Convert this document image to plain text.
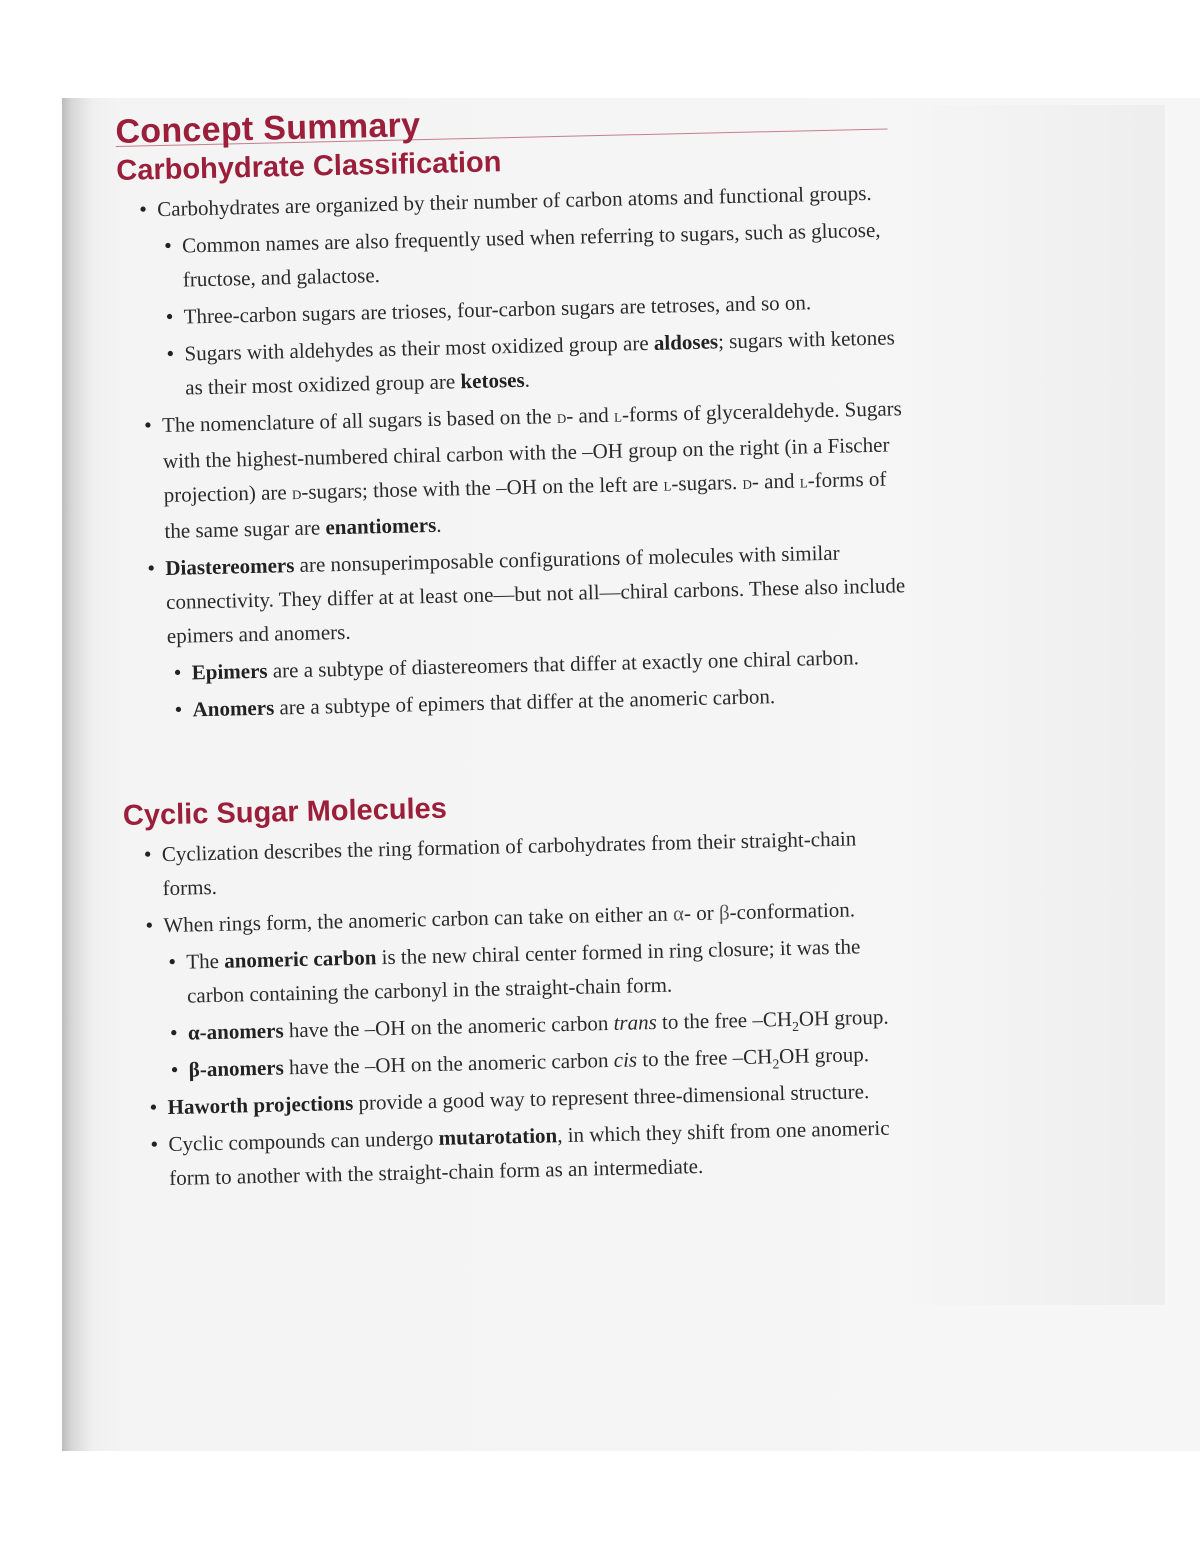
Concept Summary
Carbohydrate Classification
• Carbohydrates are organized by their number of carbon atoms and functional groups.
• Common names are also frequently used when referring to sugars, such as glucose, fructose, and galactose.
• Three-carbon sugars are trioses, four-carbon sugars are tetroses, and so on.
• Sugars with aldehydes as their most oxidized group are aldoses; sugars with ketones as their most oxidized group are ketoses.
• The nomenclature of all sugars is based on the d- and l-forms of glyceraldehyde. Sugars with the highest-numbered chiral carbon with the –OH group on the right (in a Fischer projection) are d-sugars; those with the –OH on the left are l-sugars. d- and l-forms of the same sugar are enantiomers.
• Diastereomers are nonsuperimposable configurations of molecules with similar connectivity. They differ at at least one—but not all—chiral carbons. These also include epimers and anomers.
• Epimers are a subtype of diastereomers that differ at exactly one chiral carbon.
• Anomers are a subtype of epimers that differ at the anomeric carbon.
Cyclic Sugar Molecules
• Cyclization describes the ring formation of carbohydrates from their straight-chain forms.
• When rings form, the anomeric carbon can take on either an α- or β-conformation.
• The anomeric carbon is the new chiral center formed in ring closure; it was the carbon containing the carbonyl in the straight-chain form.
• α-anomers have the –OH on the anomeric carbon trans to the free $-CH_2OH$ group.
• β-anomers have the –OH on the anomeric carbon cis to the free $-CH_2OH$ group.
• Haworth projections provide a good way to represent three-dimensional structure.
• Cyclic compounds can undergo mutarotation, in which they shift from one anomeric form to another with the straight-chain form as an intermediate.
